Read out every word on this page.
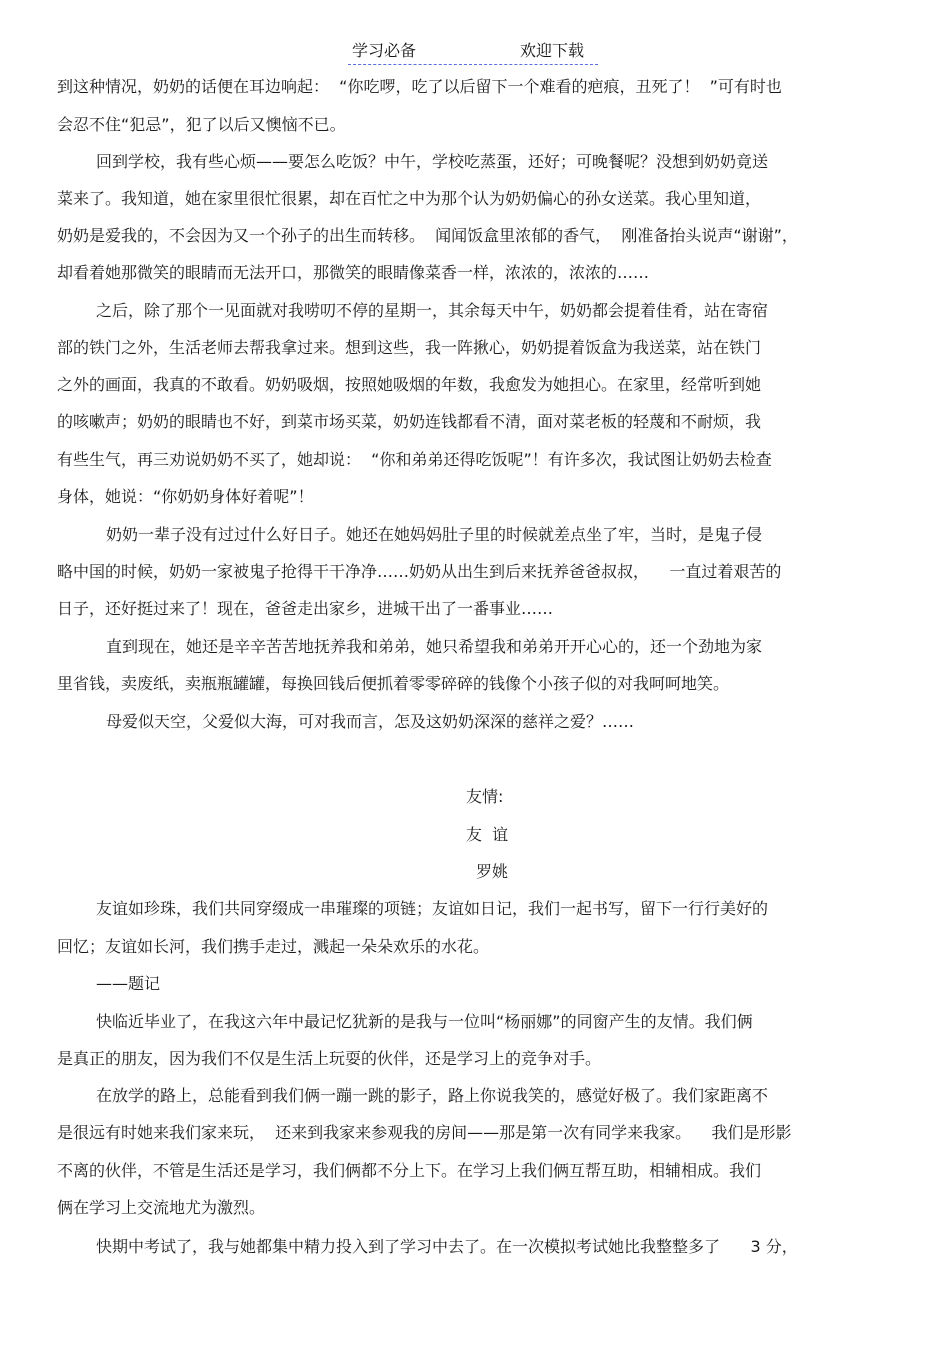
学习必备	欢迎下载
到这种情况，奶奶的话便在耳边响起：  “你吃啰，吃了以后留下一个难看的疤痕，丑死了！  ”可有时也
会忍不住“犯忌”，犯了以后又懊恼不已。
回到学校，我有些心烦——要怎么吃饭？中午，学校吃蒸蛋，还好；可晚餐呢？没想到奶奶竟送
菜来了。我知道，她在家里很忙很累，却在百忙之中为那个认为奶奶偏心的孙女送菜。我心里知道，
奶奶是爱我的，不会因为又一个孙子的出生而转移。  闻闻饭盒里浓郁的香气，  刚准备抬头说声“谢谢”，
却看着她那微笑的眼睛而无法开口，那微笑的眼睛像菜香一样，浓浓的，浓浓的……
之后，除了那个一见面就对我唠叨不停的星期一，其余每天中午，奶奶都会提着佳肴，站在寄宿
部的铁门之外，生活老师去帮我拿过来。想到这些，我一阵揪心，奶奶提着饭盒为我送菜，站在铁门
之外的画面，我真的不敢看。奶奶吸烟，按照她吸烟的年数，我愈发为她担心。在家里，经常听到她
的咳嗽声；奶奶的眼睛也不好，到菜市场买菜，奶奶连钱都看不清，面对菜老板的轻蔑和不耐烦，我
有些生气，再三劝说奶奶不买了，她却说：  “你和弟弟还得吃饭呢”！有许多次，我试图让奶奶去检查
身体，她说：“你奶奶身体好着呢”！
奶奶一辈子没有过过什么好日子。她还在她妈妈肚子里的时候就差点坐了牢，当时，是鬼子侵
略中国的时候，奶奶一家被鬼子抢得干干净净……奶奶从出生到后来抚养爸爸叔叔，    一直过着艰苦的
日子，还好挺过来了！现在，爸爸走出家乡，进城干出了一番事业……
直到现在，她还是辛辛苦苦地抚养我和弟弟，她只希望我和弟弟开开心心的，还一个劲地为家
里省钱，卖废纸，卖瓶瓶罐罐，每换回钱后便抓着零零碎碎的钱像个小孩子似的对我呵呵地笑。
母爱似天空，父爱似大海，可对我而言，怎及这奶奶深深的慈祥之爱？……
友情:
友  谊
罗姚
友谊如珍珠，我们共同穿缀成一串璀璨的项链；友谊如日记，我们一起书写，留下一行行美好的
回忆；友谊如长河，我们携手走过，溅起一朵朵欢乐的水花。
——题记
快临近毕业了，在我这六年中最记忆犹新的是我与一位叫“杨丽娜”的同窗产生的友情。我们俩
是真正的朋友，因为我们不仅是生活上玩耍的伙伴，还是学习上的竞争对手。
在放学的路上，总能看到我们俩一蹦一跳的影子，路上你说我笑的，感觉好极了。我们家距离不
是很远有时她来我们家来玩，  还来到我家来参观我的房间——那是第一次有同学来我家。    我们是形影
不离的伙伴，不管是生活还是学习，我们俩都不分上下。在学习上我们俩互帮互助，相辅相成。我们
俩在学习上交流地尤为激烈。
快期中考试了，我与她都集中精力投入到了学习中去了。在一次模拟考试她比我整整多了      3 分，
